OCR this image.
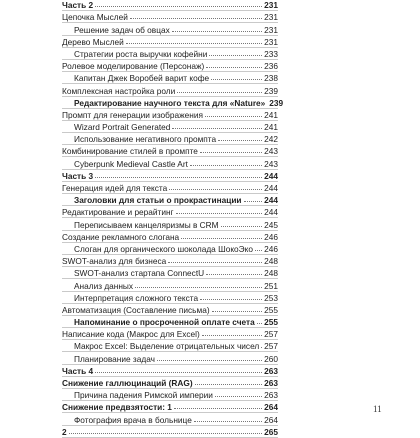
Часть 2	231
Цепочка Мыслей	231
Решение задач об овцах	231
Дерево Мыслей	231
Стратегии роста выручки кофейни	233
Ролевое моделирование (Персонаж)	236
Капитан Джек Воробей варит кофе	238
Комплексная настройка роли	239
Редактирование научного текста для «Nature» 239
Промпт для генерации изображения	241
Wizard Portrait Generated	241
Использование негативного промпта	242
Комбинирование стилей в промпте	243
Cyberpunk Medieval Castle Art	243
Часть 3	244
Генерация идей для текста	244
Заголовки для статьи о прокрастинации	244
Редактирование и рерайтинг	244
Переписываем канцеляризмы в CRM	245
Создание рекламного слогана	246
Слоган для органического шоколада ШокоЭко 246
SWOT-анализ для бизнеса	248
SWOT-анализ стартапа ConnectU	248
Анализ данных	251
Интерпретация сложного текста	253
Автоматизация (Составление письма)	255
Напоминание о просроченной оплате счета 255
Написание кода (Макрос для Excel)	257
Макрос Excel: Выделение отрицательных чисел 257
Планирование задач	260
Часть 4	263
Снижение галлюцинаций (RAG)	263
Причина падения Римской империи	263
Снижение предвзятости: 1	264
Фотография врача в больнице	264
2	265
11
